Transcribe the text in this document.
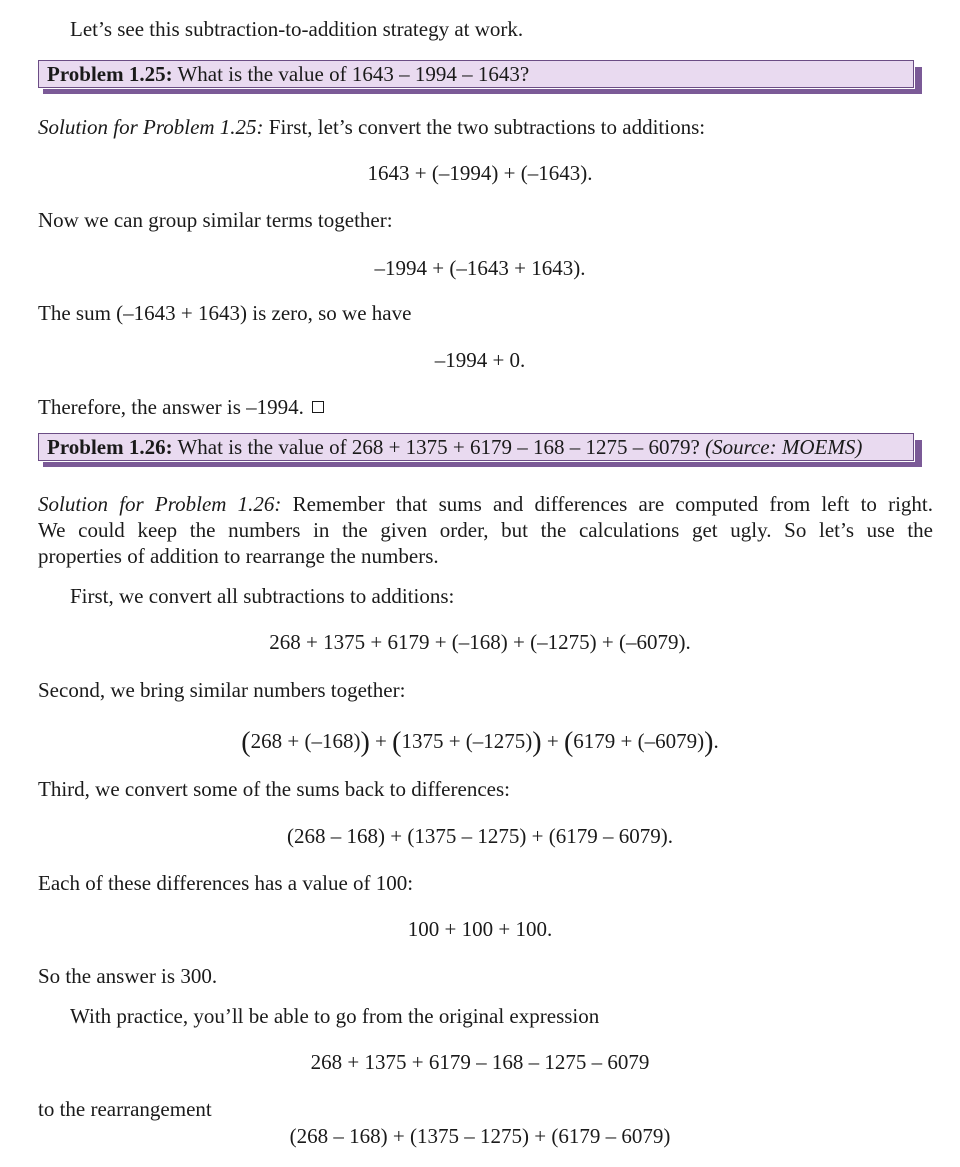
Let’s see this subtraction-to-addition strategy at work.
Problem 1.25: What is the value of 1643 – 1994 – 1643?
Solution for Problem 1.25: First, let’s convert the two subtractions to additions:
1643 + (–1994) + (–1643).
Now we can group similar terms together:
–1994 + (–1643 + 1643).
The sum (–1643 + 1643) is zero, so we have
–1994 + 0.
Therefore, the answer is –1994.
Problem 1.26: What is the value of 268 + 1375 + 6179 – 168 – 1275 – 6079? (Source: MOEMS)
Solution for Problem 1.26: Remember that sums and differences are computed from left to right.
We could keep the numbers in the given order, but the calculations get ugly. So let’s use the
properties of addition to rearrange the numbers.
First, we convert all subtractions to additions:
268 + 1375 + 6179 + (–168) + (–1275) + (–6079).
Second, we bring similar numbers together:
(268 + (–168)) + (1375 + (–1275)) + (6179 + (–6079)).
Third, we convert some of the sums back to differences:
(268 – 168) + (1375 – 1275) + (6179 – 6079).
Each of these differences has a value of 100:
100 + 100 + 100.
So the answer is 300.
With practice, you’ll be able to go from the original expression
268 + 1375 + 6179 – 168 – 1275 – 6079
to the rearrangement
(268 – 168) + (1375 – 1275) + (6179 – 6079)
